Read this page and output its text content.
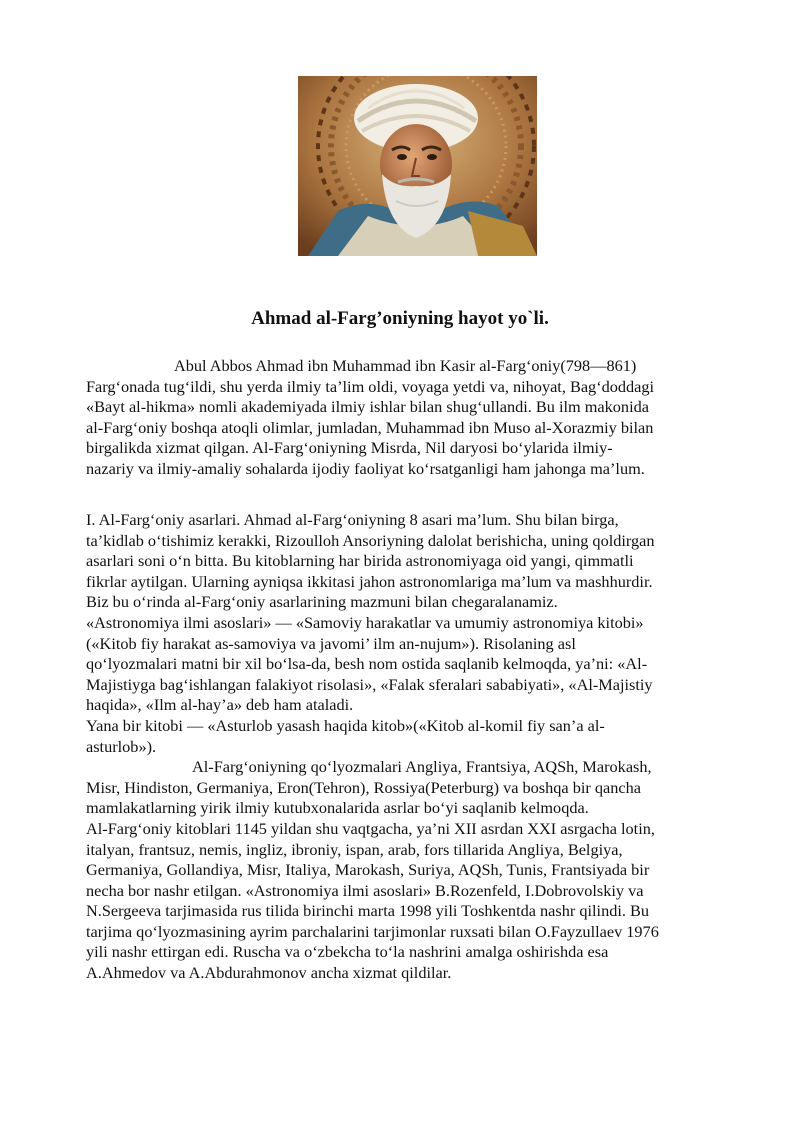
Ahmad al-Farg’oniyning hayot yo`li.

Abul Abbos Ahmad ibn Muhammad ibn Kasir al-Farg‘oniy(798—861)
Farg‘onada tug‘ildi, shu yerda ilmiy ta’lim oldi, voyaga yetdi va, nihoyat, Bag‘doddagi
«Bayt al-hikma» nomli akademiyada ilmiy ishlar bilan shug‘ullandi. Bu ilm makonida
al-Farg‘oniy boshqa atoqli olimlar, jumladan, Muhammad ibn Muso al-Xorazmiy bilan
birgalikda xizmat qilgan. Al-Farg‘oniyning Misrda, Nil daryosi bo‘ylarida ilmiy-
nazariy va ilmiy-amaliy sohalarda ijodiy faoliyat ko‘rsatganligi ham jahonga ma’lum.

I. Al-Farg‘oniy asarlari. Ahmad al-Farg‘oniyning 8 asari ma’lum. Shu bilan birga,
ta’kidlab o‘tishimiz kerakki, Rizoulloh Ansoriyning dalolat berishicha, uning qoldirgan
asarlari soni o‘n bitta. Bu kitoblarning har birida astronomiyaga oid yangi, qimmatli
fikrlar aytilgan. Ularning ayniqsa ikkitasi jahon astronomlariga ma’lum va mashhurdir.
Biz bu o‘rinda al-Farg‘oniy asarlarining mazmuni bilan chegaralanamiz.
«Astronomiya ilmi asoslari» — «Samoviy harakatlar va umumiy astronomiya kitobi»
(«Kitob fiy harakat as-samoviya va javomi’ ilm an-nujum»). Risolaning asl
qo‘lyozmalari matni bir xil bo‘lsa-da, besh nom ostida saqlanib kelmoqda, ya’ni: «Al-
Majistiyga bag‘ishlangan falakiyot risolasi», «Falak sferalari sababiyati», «Al-Majistiy
haqida», «Ilm al-hay’a» deb ham ataladi.
Yana bir kitobi — «Asturlob yasash haqida kitob»(«Kitob al-komil fiy san’a al-
asturlob»).

Al-Farg‘oniyning qo‘lyozmalari Angliya, Frantsiya, AQSh, Marokash,
Misr, Hindiston, Germaniya, Eron(Tehron), Rossiya(Peterburg) va boshqa bir qancha
mamlakatlarning yirik ilmiy kutubxonalarida asrlar bo‘yi saqlanib kelmoqda.

Al-Farg‘oniy kitoblari 1145 yildan shu vaqtgacha, ya’ni XII asrdan XXI asrgacha lotin,
italyan, frantsuz, nemis, ingliz, ibroniy, ispan, arab, fors tillarida Angliya, Belgiya,
Germaniya, Gollandiya, Misr, Italiya, Marokash, Suriya, AQSh, Tunis, Frantsiyada bir
necha bor nashr etilgan. «Astronomiya ilmi asoslari» B.Rozenfeld, I.Dobrovolskiy va
N.Sergeeva tarjimasida rus tilida birinchi marta 1998 yili Toshkentda nashr qilindi. Bu
tarjima qo‘lyozmasining ayrim parchalarini tarjimonlar ruxsati bilan O.Fayzullaev 1976
yili nashr ettirgan edi. Ruscha va o‘zbekcha to‘la nashrini amalga oshirishda esa
A.Ahmedov va A.Abdurahmonov ancha xizmat qildilar.
